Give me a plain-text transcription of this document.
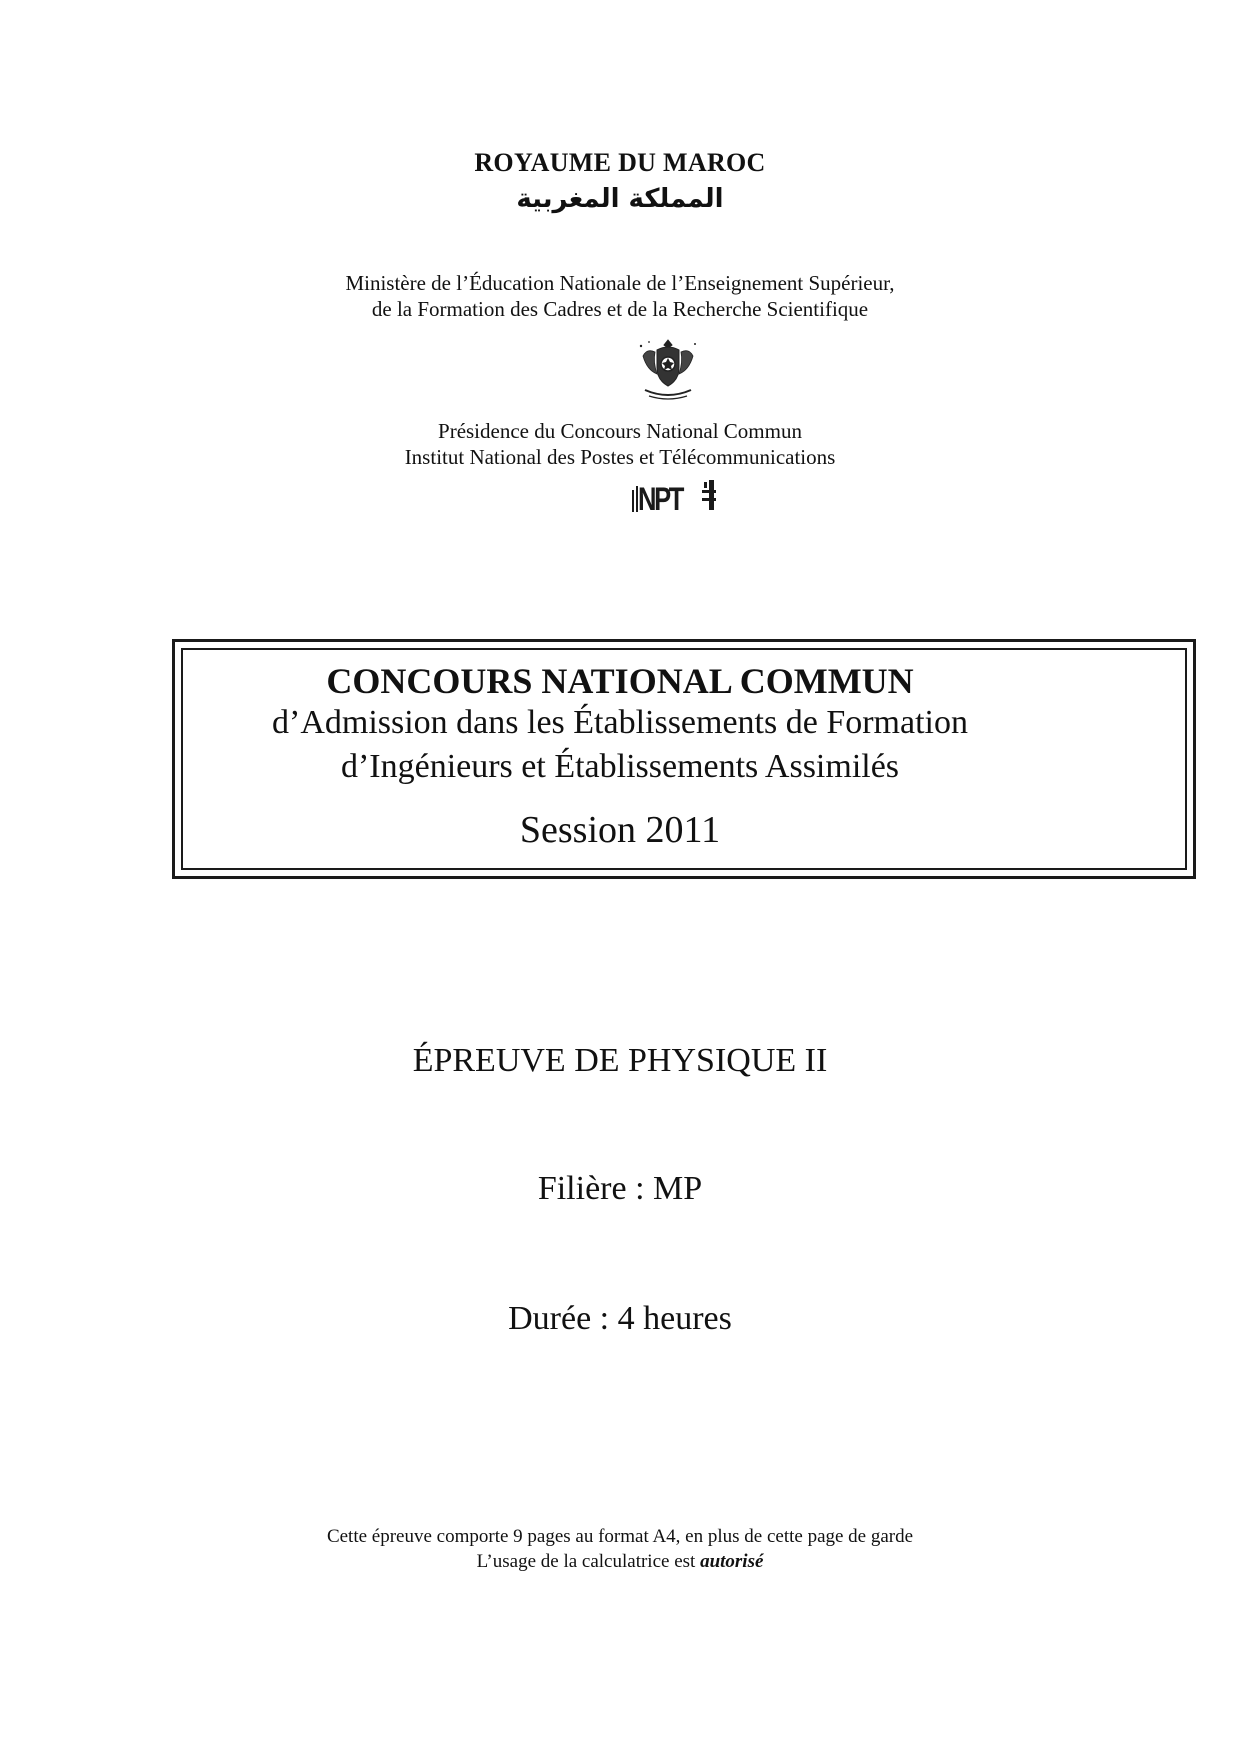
ROYAUME DU MAROC
المملكة المغربية
Ministère de l’Éducation Nationale de l’Enseignement Supérieur,
de la Formation des Cadres et de la Recherche Scientifique
Présidence du Concours National Commun
Institut National des Postes et Télécommunications
NPT
CONCOURS NATIONAL COMMUN
d’Admission dans les Établissements de Formation
d’Ingénieurs et Établissements Assimilés
Session 2011
ÉPREUVE DE PHYSIQUE II
Filière : MP
Durée : 4 heures
Cette épreuve comporte 9 pages au format A4, en plus de cette page de garde
L’usage de la calculatrice est autorisé
